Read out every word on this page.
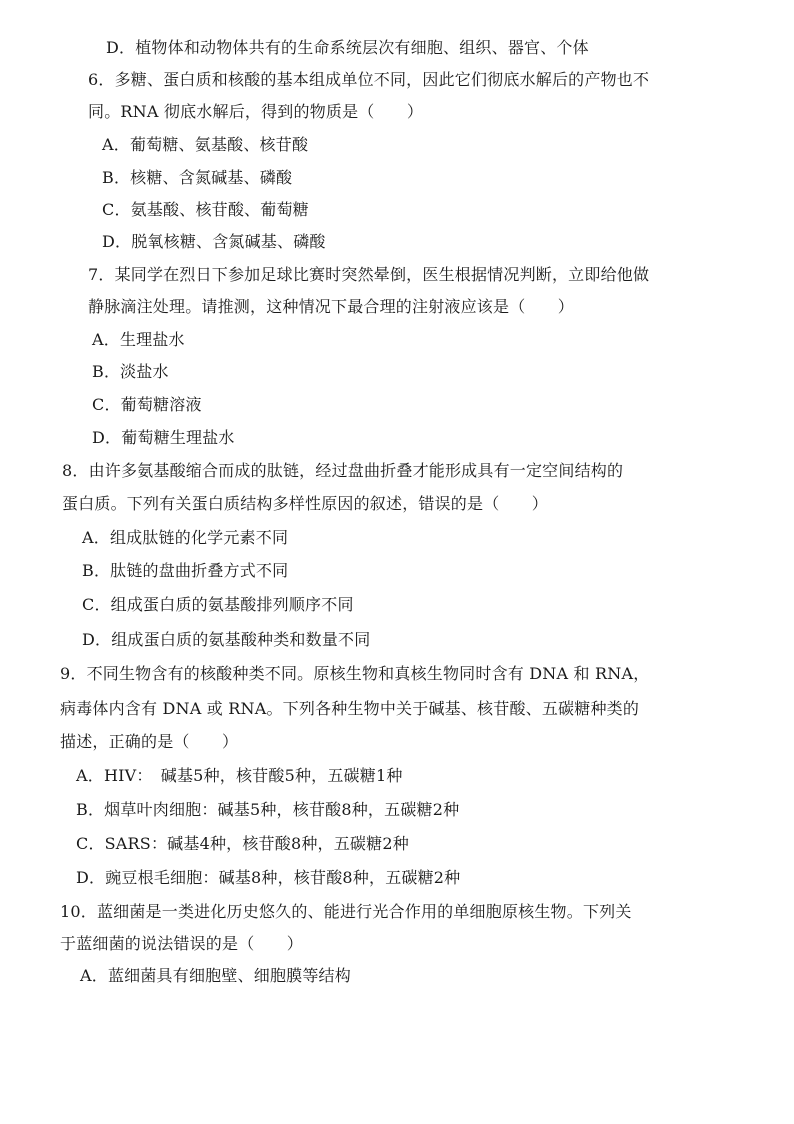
D．植物体和动物体共有的生命系统层次有细胞、组织、器官、个体
6．多糖、蛋白质和核酸的基本组成单位不同，因此它们彻底水解后的产物也不
同。RNA 彻底水解后，得到的物质是（　　）
A．葡萄糖、氨基酸、核苷酸
B．核糖、含氮碱基、磷酸
C．氨基酸、核苷酸、葡萄糖
D．脱氧核糖、含氮碱基、磷酸
7．某同学在烈日下参加足球比赛时突然晕倒，医生根据情况判断，立即给他做
静脉滴注处理。请推测，这种情况下最合理的注射液应该是（　　）
A．生理盐水
B．淡盐水
C．葡萄糖溶液
D．葡萄糖生理盐水
8．由许多氨基酸缩合而成的肽链，经过盘曲折叠才能形成具有一定空间结构的
蛋白质。下列有关蛋白质结构多样性原因的叙述，错误的是（　　）
A．组成肽链的化学元素不同
B．肽链的盘曲折叠方式不同
C．组成蛋白质的氨基酸排列顺序不同
D．组成蛋白质的氨基酸种类和数量不同
9．不同生物含有的核酸种类不同。原核生物和真核生物同时含有 DNA 和 RNA，
病毒体内含有 DNA 或 RNA。下列各种生物中关于碱基、核苷酸、五碳糖种类的
描述，正确的是（　　）
A．HIV：　碱基5种，核苷酸5种，五碳糖1种
B．烟草叶肉细胞：碱基5种，核苷酸8种，五碳糖2种
C．SARS：碱基4种，核苷酸8种，五碳糖2种
D．豌豆根毛细胞：碱基8种，核苷酸8种，五碳糖2种
10．蓝细菌是一类进化历史悠久的、能进行光合作用的单细胞原核生物。下列关
于蓝细菌的说法错误的是（　　）
A．蓝细菌具有细胞壁、细胞膜等结构
